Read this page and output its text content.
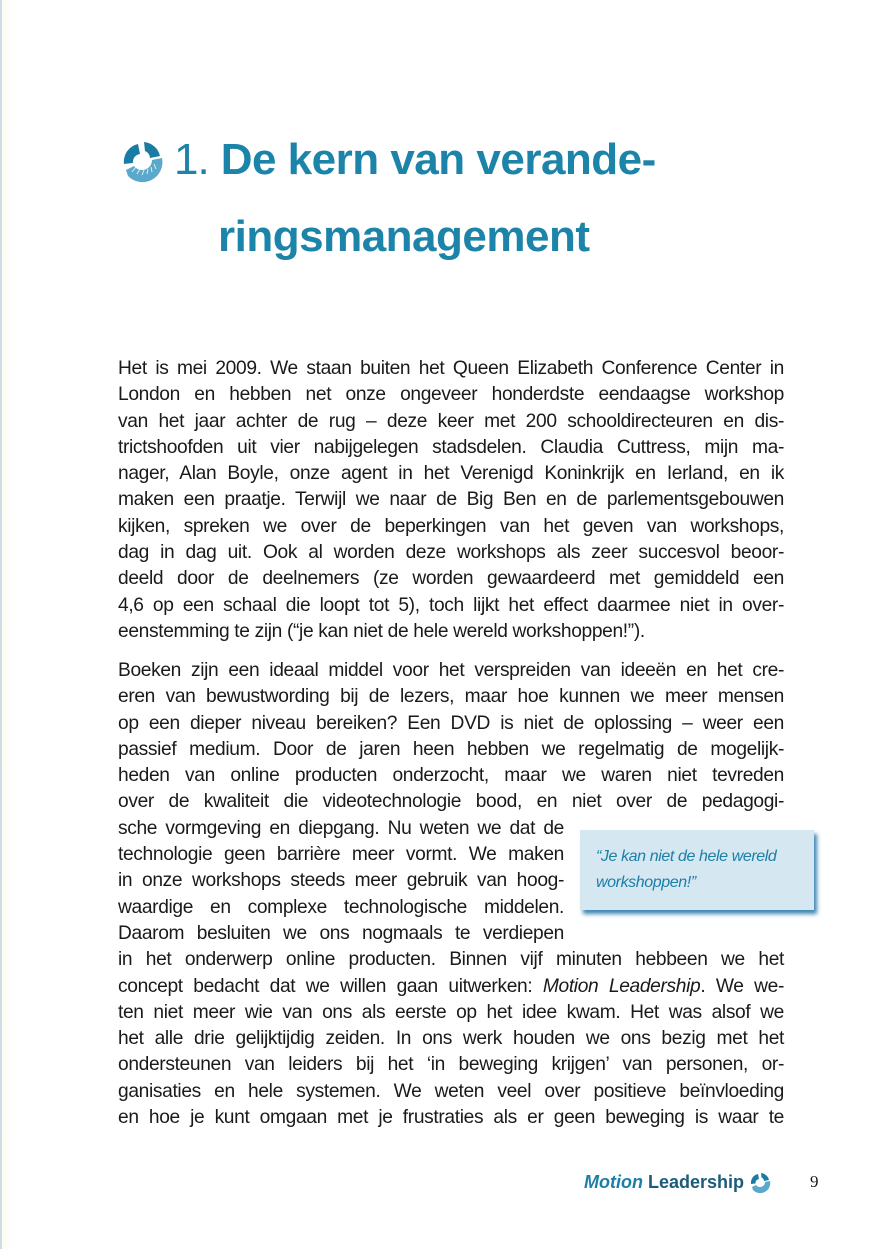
1. De kern van verande-
ringsmanagement
Het is mei 2009. We staan buiten het Queen Elizabeth Conference Center in
London en hebben net onze ongeveer honderdste eendaagse workshop
van het jaar achter de rug – deze keer met 200 schooldirecteuren en dis-
trictshoofden uit vier nabijgelegen stadsdelen. Claudia Cuttress, mijn ma-
nager, Alan Boyle, onze agent in het Verenigd Koninkrijk en Ierland, en ik
maken een praatje. Terwijl we naar de Big Ben en de parlementsgebouwen
kijken, spreken we over de beperkingen van het geven van workshops,
dag in dag uit. Ook al worden deze workshops als zeer succesvol beoor-
deeld door de deelnemers (ze worden gewaardeerd met gemiddeld een
4,6 op een schaal die loopt tot 5), toch lijkt het effect daarmee niet in over-
eenstemming te zijn (“je kan niet de hele wereld workshoppen!”).
Boeken zijn een ideaal middel voor het verspreiden van ideeën en het cre-
eren van bewustwording bij de lezers, maar hoe kunnen we meer mensen
op een dieper niveau bereiken? Een DVD is niet de oplossing – weer een
passief medium. Door de jaren heen hebben we regelmatig de mogelijk-
heden van online producten onderzocht, maar we waren niet tevreden
over de kwaliteit die videotechnologie bood, en niet over de pedagogi-
sche vormgeving en diepgang. Nu weten we dat de
technologie geen barrière meer vormt. We maken
in onze workshops steeds meer gebruik van hoog-
waardige en complexe technologische middelen.
Daarom besluiten we ons nogmaals te verdiepen
in het onderwerp online producten. Binnen vijf minuten hebbeen we het
concept bedacht dat we willen gaan uitwerken: Motion Leadership. We we-
ten niet meer wie van ons als eerste op het idee kwam. Het was alsof we
het alle drie gelijktijdig zeiden. In ons werk houden we ons bezig met het
ondersteunen van leiders bij het ‘in beweging krijgen’ van personen, or-
ganisaties en hele systemen. We weten veel over positieve beïnvloeding
en hoe je kunt omgaan met je frustraties als er geen beweging is waar te
“Je kan niet de hele wereld
workshoppen!”
Motion Leadership	9
